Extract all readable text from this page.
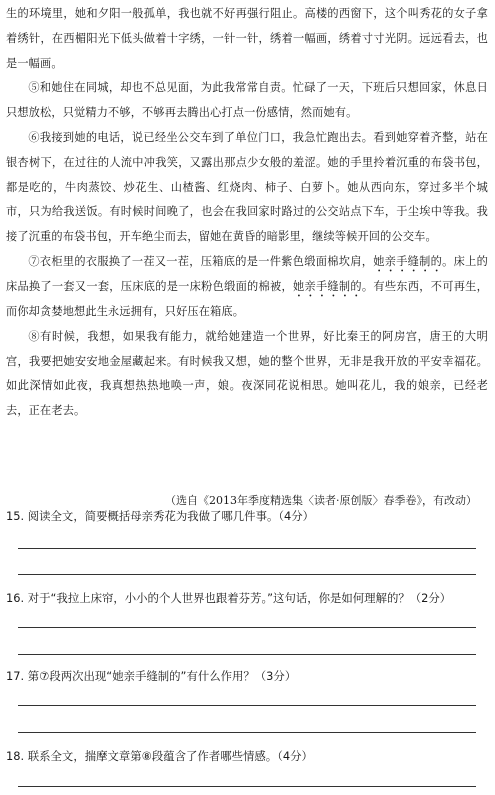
生的环境里，她和夕阳一般孤单，我也就不好再强行阻止。高楼的西窗下，这个叫秀花的女子拿着绣针，在西楣阳光下低头做着十字绣，一针一针，绣着一幅画，绣着寸寸光阴。远远看去，也是一幅画。

⑤和她住在同城，却也不总见面，为此我常常自责。忙碌了一天，下班后只想回家，休息日只想放松，只觉精力不够，不够再去腾出心打点一份感情，然而她有。

⑥我接到她的电话，说已经坐公交车到了单位门口，我急忙跑出去。看到她穿着齐整，站在银杏树下，在过往的人流中冲我笑，又露出那点少女般的羞涩。她的手里拎着沉重的布袋书包，都是吃的，牛肉蒸饺、炒花生、山楂酱、红烧肉、柿子、白萝卜。她从西向东，穿过多半个城市，只为给我送饭。有时候时间晚了，也会在我回家时路过的公交站点下车，于尘埃中等我。我接了沉重的布袋书包，开车绝尘而去，留她在黄昏的暗影里，继续等候开回的公交车。

⑦衣柜里的衣服换了一茬又一茬，压箱底的是一件紫色缎面棉坎肩，她亲手缝制的。床上的床品换了一套又一套，压床底的是一床粉色缎面的棉被，她亲手缝制的。有些东西，不可再生，而你却贪婪地想此生永远拥有，只好压在箱底。

⑧有时候，我想，如果我有能力，就给她建造一个世界，好比秦王的阿房宫，唐王的大明宫，我要把她安安地金屋藏起来。有时候我又想，她的整个世界，无非是我开放的平安幸福花。如此深情如此夜，我真想热热地唤一声，娘。夜深同花说相思。她叫花儿，我的娘亲，已经老去，正在老去。

（选自《2013年季度精选集〈读者·原创版〉春季卷》，有改动）
15. 阅读全文，简要概括母亲秀花为我做了哪几件事。（4分）
16. 对于“我拉上床帘，小小的个人世界也跟着芬芳。”这句话，你是如何理解的？（2分）
17. 第⑦段两次出现“她亲手缝制的”有什么作用？（3分）
18. 联系全文，揣摩文章第⑧段蕴含了作者哪些情感。（4分）
